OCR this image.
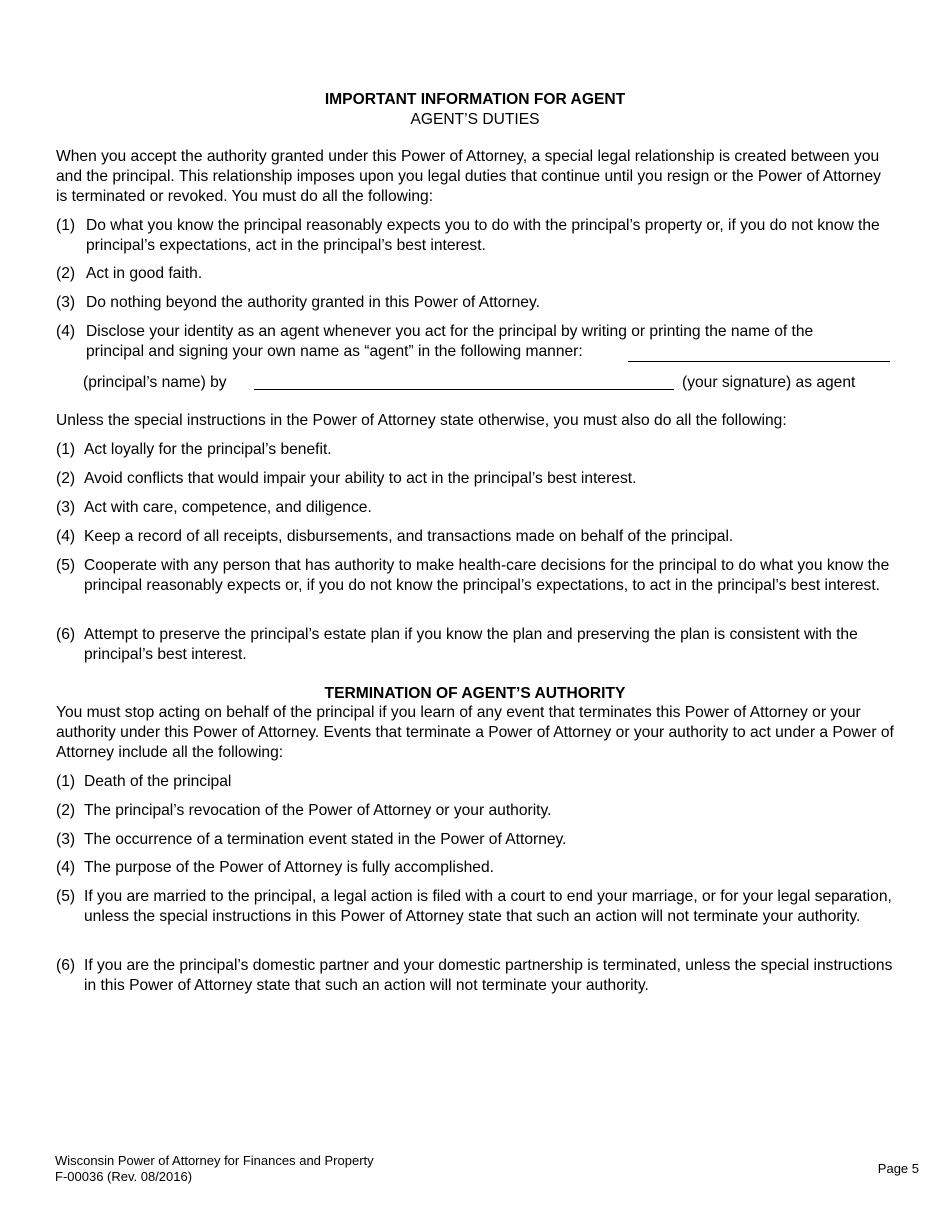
IMPORTANT INFORMATION FOR AGENT
AGENT’S DUTIES
When you accept the authority granted under this Power of Attorney, a special legal relationship is created between you and the principal. This relationship imposes upon you legal duties that continue until you resign or the Power of Attorney is terminated or revoked. You must do all the following:
(1) Do what you know the principal reasonably expects you to do with the principal’s property or, if you do not know the principal’s expectations, act in the principal’s best interest.
(2) Act in good faith.
(3) Do nothing beyond the authority granted in this Power of Attorney.
(4) Disclose your identity as an agent whenever you act for the principal by writing or printing the name of the principal and signing your own name as “agent” in the following manner:
(principal’s name) by	(your signature) as agent
Unless the special instructions in the Power of Attorney state otherwise, you must also do all the following:
(1) Act loyally for the principal’s benefit.
(2) Avoid conflicts that would impair your ability to act in the principal’s best interest.
(3) Act with care, competence, and diligence.
(4) Keep a record of all receipts, disbursements, and transactions made on behalf of the principal.
(5) Cooperate with any person that has authority to make health-care decisions for the principal to do what you know the principal reasonably expects or, if you do not know the principal’s expectations, to act in the principal’s best interest.
(6) Attempt to preserve the principal’s estate plan if you know the plan and preserving the plan is consistent with the principal’s best interest.
TERMINATION OF AGENT’S AUTHORITY
You must stop acting on behalf of the principal if you learn of any event that terminates this Power of Attorney or your authority under this Power of Attorney. Events that terminate a Power of Attorney or your authority to act under a Power of Attorney include all the following:
(1) Death of the principal
(2) The principal’s revocation of the Power of Attorney or your authority.
(3) The occurrence of a termination event stated in the Power of Attorney.
(4) The purpose of the Power of Attorney is fully accomplished.
(5) If you are married to the principal, a legal action is filed with a court to end your marriage, or for your legal separation, unless the special instructions in this Power of Attorney state that such an action will not terminate your authority.
(6) If you are the principal’s domestic partner and your domestic partnership is terminated, unless the special instructions in this Power of Attorney state that such an action will not terminate your authority.
Wisconsin Power of Attorney for Finances and Property
F-00036 (Rev. 08/2016)
Page 5
